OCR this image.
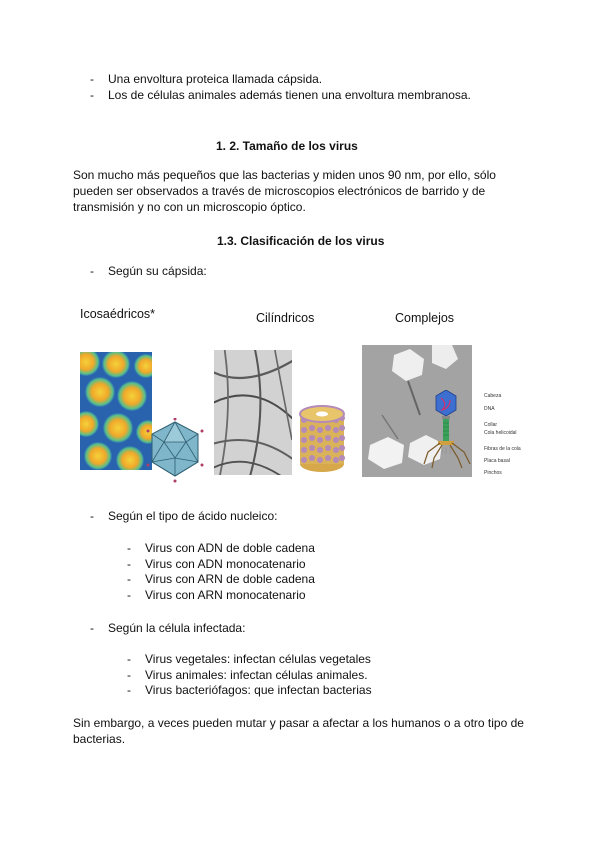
- Una envoltura proteica llamada cápsida.
- Los de células animales además tienen una envoltura membranosa.
1. 2. Tamaño de los virus

Son mucho más pequeños que las bacterias y miden unos 90 nm, por ello, sólo pueden ser observados a través de microscopios electrónicos de barrido y de transmisión y no con un microscopio óptico.

1.3. Clasificación de los virus
- Según su cápsida:
Icosaédricos*	Cilíndricos	Complejos
Cabeza
DNA
Collar
Cola helicoidal
Fibras de la cola
Placa basal
Pinchos
- Según el tipo de ácido nucleico:
- Virus con ADN de doble cadena
- Virus con ADN monocatenario
- Virus con ARN de doble cadena
- Virus con ARN monocatenario
- Según la célula infectada:
- Virus vegetales: infectan células vegetales
- Virus animales: infectan células animales.
- Virus bacteriófagos: que infectan bacterias

Sin embargo, a veces pueden mutar y pasar a afectar a los humanos o a otro tipo de bacterias.
